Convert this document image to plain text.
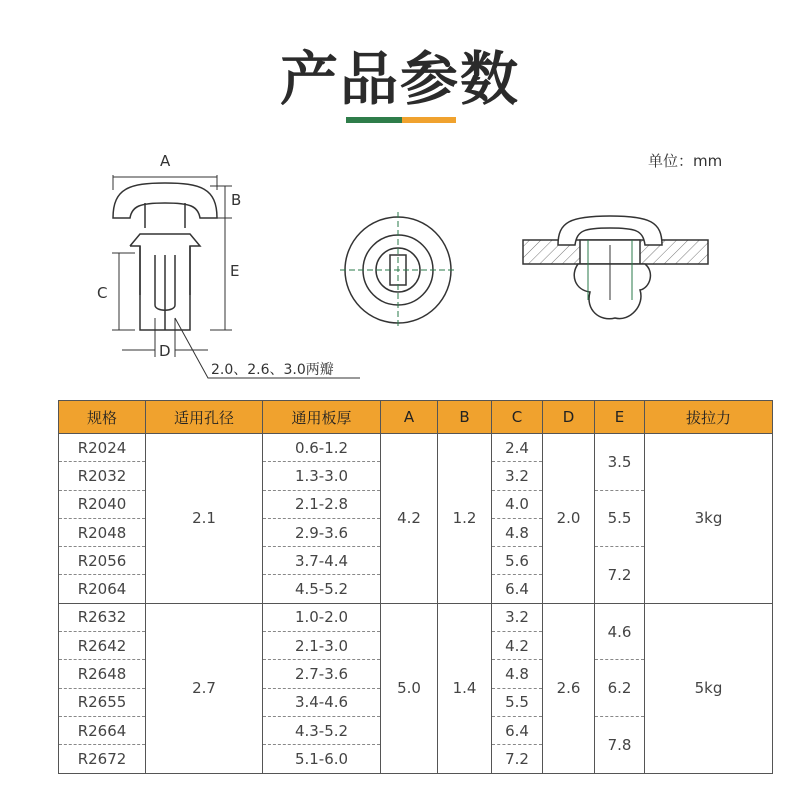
产品参数
单位：mm
A
B
E
C
D
2.0、2.6、3.0两瓣
规格	适用孔径	通用板厚	A	B	C	D	E	拔拉力
R2024	2.1	0.6-1.2	4.2	1.2	2.4	2.0	3.5	3kg
R2032		1.3-3.0			3.2			
R2040		2.1-2.8			4.0		5.5	
R2048		2.9-3.6			4.8			
R2056		3.7-4.4			5.6		7.2	
R2064		4.5-5.2			6.4			
R2632	2.7	1.0-2.0	5.0	1.4	3.2	2.6	4.6	5kg
R2642		2.1-3.0			4.2			
R2648		2.7-3.6			4.8		6.2	
R2655		3.4-4.6			5.5			
R2664		4.3-5.2			6.4		7.8	
R2672		5.1-6.0			7.2			
